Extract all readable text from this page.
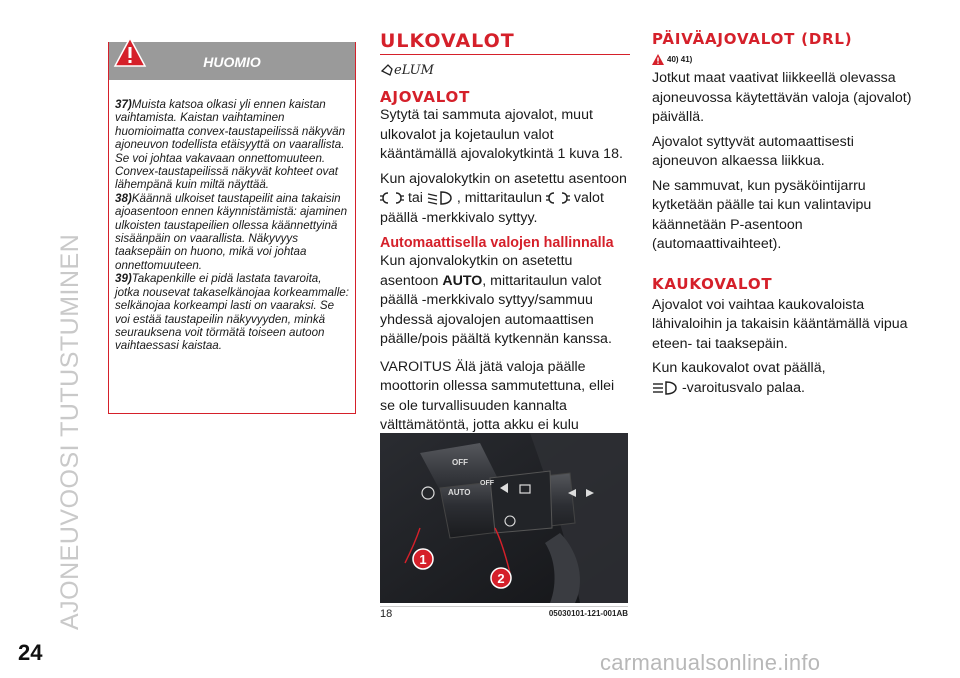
AJONEUVOOSI TUTUSTUMINEN
HUOMIO

37)Muista katsoa olkasi yli ennen kaistan vaihtamista. Kaistan vaihtaminen huomioimatta convex-taustapeilissä näkyvän ajoneuvon todellista etäisyyttä on vaarallista. Se voi johtaa vakavaan onnettomuuteen. Convex-taustapeilissä näkyvät kohteet ovat lähempänä kuin miltä näyttää.

38)Käännä ulkoiset taustapeilit aina takaisin ajoasentoon ennen käynnistämistä: ajaminen ulkoisten taustapeilien ollessa käännettyinä sisäänpäin on vaarallista. Näkyvyys taaksepäin on huono, mikä voi johtaa onnettomuuteen.

39)Takapenkille ei pidä lastata tavaroita, jotka nousevat takaselkänojaa korkeammalle: selkänojaa korkeampi lasti on vaaraksi. Se voi estää taustapeilin näkyvyyden, minkä seurauksena voit törmätä toiseen autoon vaihtaessasi kaistaa.

ULKOVALOT
eLUM
AJOVALOT
Sytytä tai sammuta ajovalot, muut ulkovalot ja kojetaulun valot kääntämällä ajovalokytkintä 1 kuva 18.
Kun ajovalokytkin on asetettu asentoon
tai , mittaritaulun valot
päällä -merkkivalo syttyy.
Automaattisella valojen hallinnalla
Kun ajonvalokytkin on asetettu asentoon AUTO, mittaritaulun valot päällä -merkkivalo syttyy/sammuu yhdessä ajovalojen automaattisen päälle/pois päältä kytkennän kanssa.
VAROITUS Älä jätä valoja päälle moottorin ollessa sammutettuna, ellei se ole turvallisuuden kannalta välttämätöntä, jotta akku ei kulu
OFF
AUTO
OFF
1
2
18	05030101-121-001AB
PÄIVÄAJOVALOT (DRL)
40) 41)
Jotkut maat vaativat liikkeellä olevassa ajoneuvossa käytettävän valoja (ajovalot) päivällä.
Ajovalot syttyvät automaattisesti ajoneuvon alkaessa liikkua.
Ne sammuvat, kun pysäköintijarru kytketään päälle tai kun valintavipu käännetään P-asentoon (automaattivaihteet).
KAUKOVALOT
Ajovalot voi vaihtaa kaukovaloista lähivaloihin ja takaisin kääntämällä vipua eteen- tai taaksepäin.
Kun kaukovalot ovat päällä,
-varoitusvalo palaa.
24	carmanualsonline.info
